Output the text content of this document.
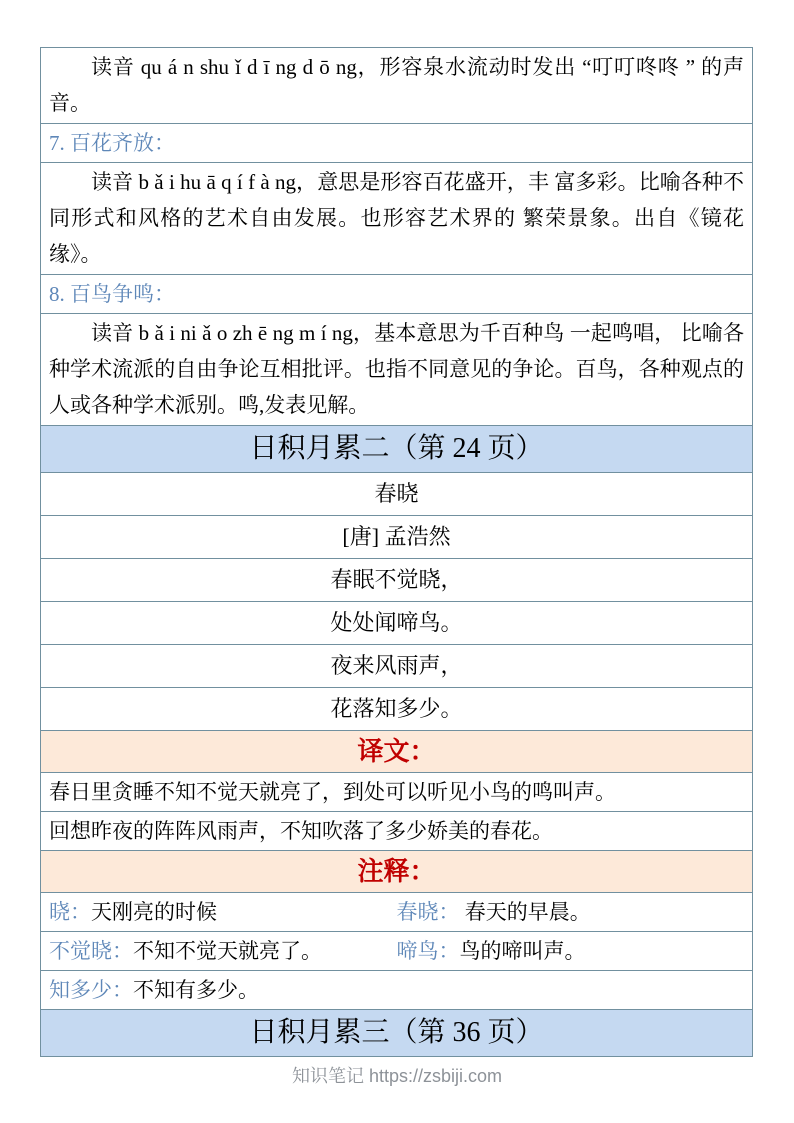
读音 qu á n shu ǐ d ī ng d ō ng，形容泉水流动时发出 “叮叮咚咚 ” 的声音。
7. 百花齐放：
读音 b ǎ i hu ā q í f à ng，意思是形容百花盛开，丰 富多彩。比喻各种不同形式和风格的艺术自由发展。也形容艺术界的 繁荣景象。出自《镜花缘》。
8. 百鸟争鸣：
读音 b ǎ i ni ǎ o zh ē ng m í ng，基本意思为千百种鸟 一起鸣唱， 比喻各种学术流派的自由争论互相批评。也指不同意见的争论。百鸟，各种观点的人或各种学术派别。鸣,发表见解。
日积月累二（第 24 页）
春晓
[唐] 孟浩然
春眠不觉晓，
处处闻啼鸟。
夜来风雨声，
花落知多少。
译文：
春日里贪睡不知不觉天就亮了，到处可以听见小鸟的鸣叫声。
回想昨夜的阵阵风雨声，不知吹落了多少娇美的春花。
注释：
晓：天刚亮的时候	春晓： 春天的早晨。
不觉晓：不知不觉天就亮了。	啼鸟：鸟的啼叫声。
知多少：不知有多少。
日积月累三（第 36 页）
知识笔记 https://zsbiji.com
